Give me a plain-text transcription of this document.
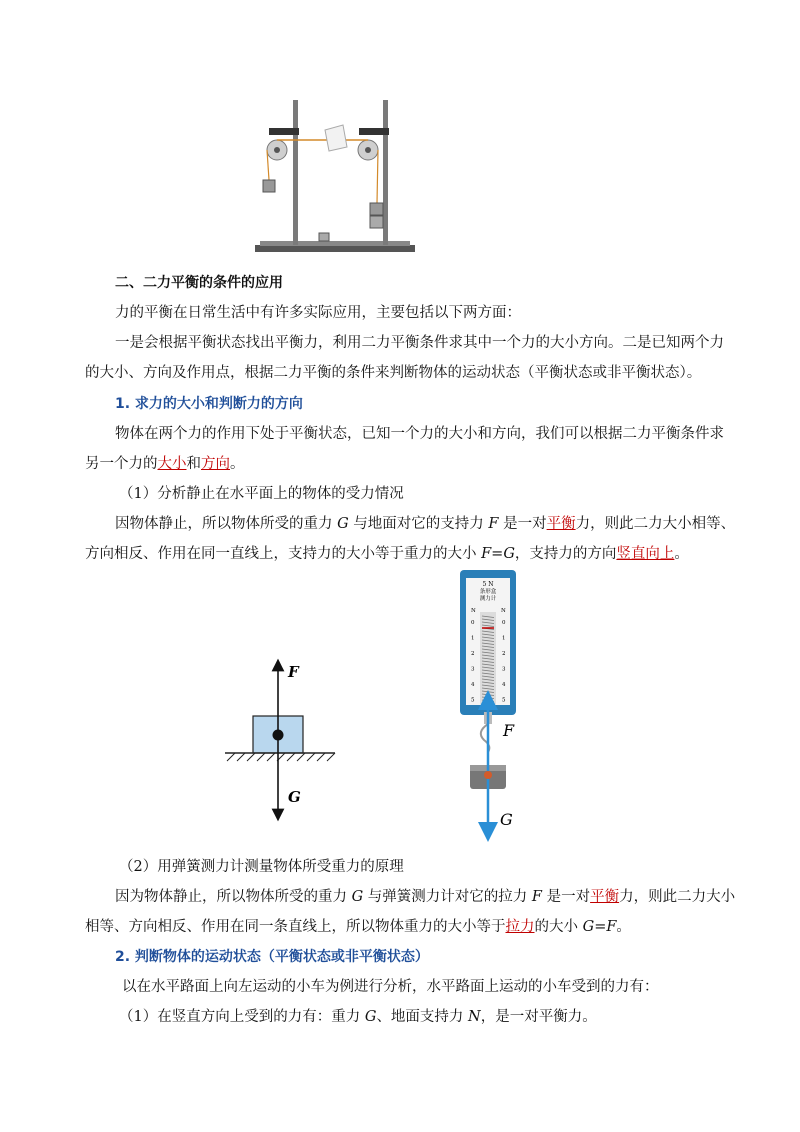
二、二力平衡的条件的应用
力的平衡在日常生活中有许多实际应用，主要包括以下两方面：
一是会根据平衡状态找出平衡力，利用二力平衡条件求其中一个力的大小方向。二是已知两个力
的大小、方向及作用点，根据二力平衡的条件来判断物体的运动状态（平衡状态或非平衡状态）。
1. 求力的大小和判断力的方向
物体在两个力的作用下处于平衡状态，已知一个力的大小和方向，我们可以根据二力平衡条件求
另一个力的大小和方向。
（1）分析静止在水平面上的物体的受力情况
因物体静止，所以物体所受的重力 G 与地面对它的支持力 F 是一对平衡力，则此二力大小相等、
方向相反、作用在同一直线上，支持力的大小等于重力的大小 F=G，支持力的方向竖直向上。
F
G
5 N
条形盒
测力计
N	N
0	0
1	1
2	2
3	3
4	4
5	5
F
G
（2）用弹簧测力计测量物体所受重力的原理
因为物体静止，所以物体所受的重力 G 与弹簧测力计对它的拉力 F 是一对平衡力，则此二力大小
相等、方向相反、作用在同一条直线上，所以物体重力的大小等于拉力的大小 G=F。
2. 判断物体的运动状态（平衡状态或非平衡状态）
以在水平路面上向左运动的小车为例进行分析，水平路面上运动的小车受到的力有：
（1）在竖直方向上受到的力有：重力 G、地面支持力 N，是一对平衡力。
